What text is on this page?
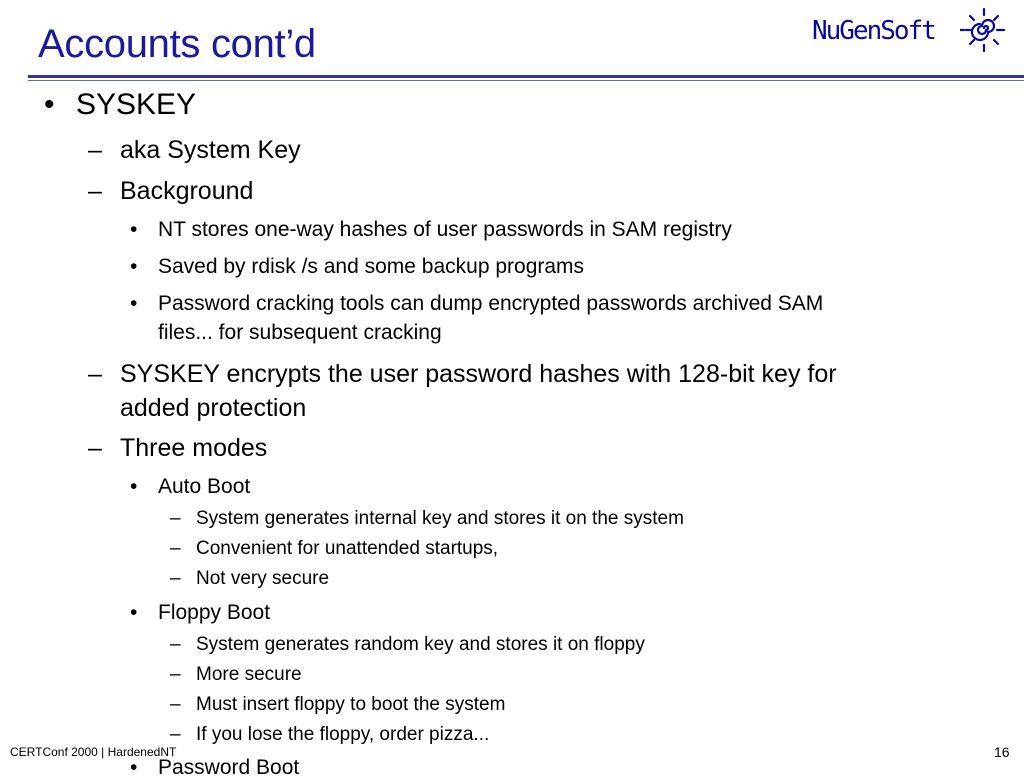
Accounts cont’d	NuGenSoft
• SYSKEY
– aka System Key
– Background
• NT stores one-way hashes of user passwords in SAM registry
• Saved by rdisk /s and some backup programs
• Password cracking tools can dump encrypted passwords archived SAM
files... for subsequent cracking
– SYSKEY encrypts the user password hashes with 128-bit key for
added protection
– Three modes
• Auto Boot
– System generates internal key and stores it on the system
– Convenient for unattended startups,
– Not very secure
• Floppy Boot
– System generates random key and stores it on floppy
– More secure
– Must insert floppy to boot the system
– If you lose the floppy, order pizza...
• Password Boot
CERTConf 2000 | HardenedNT	16
